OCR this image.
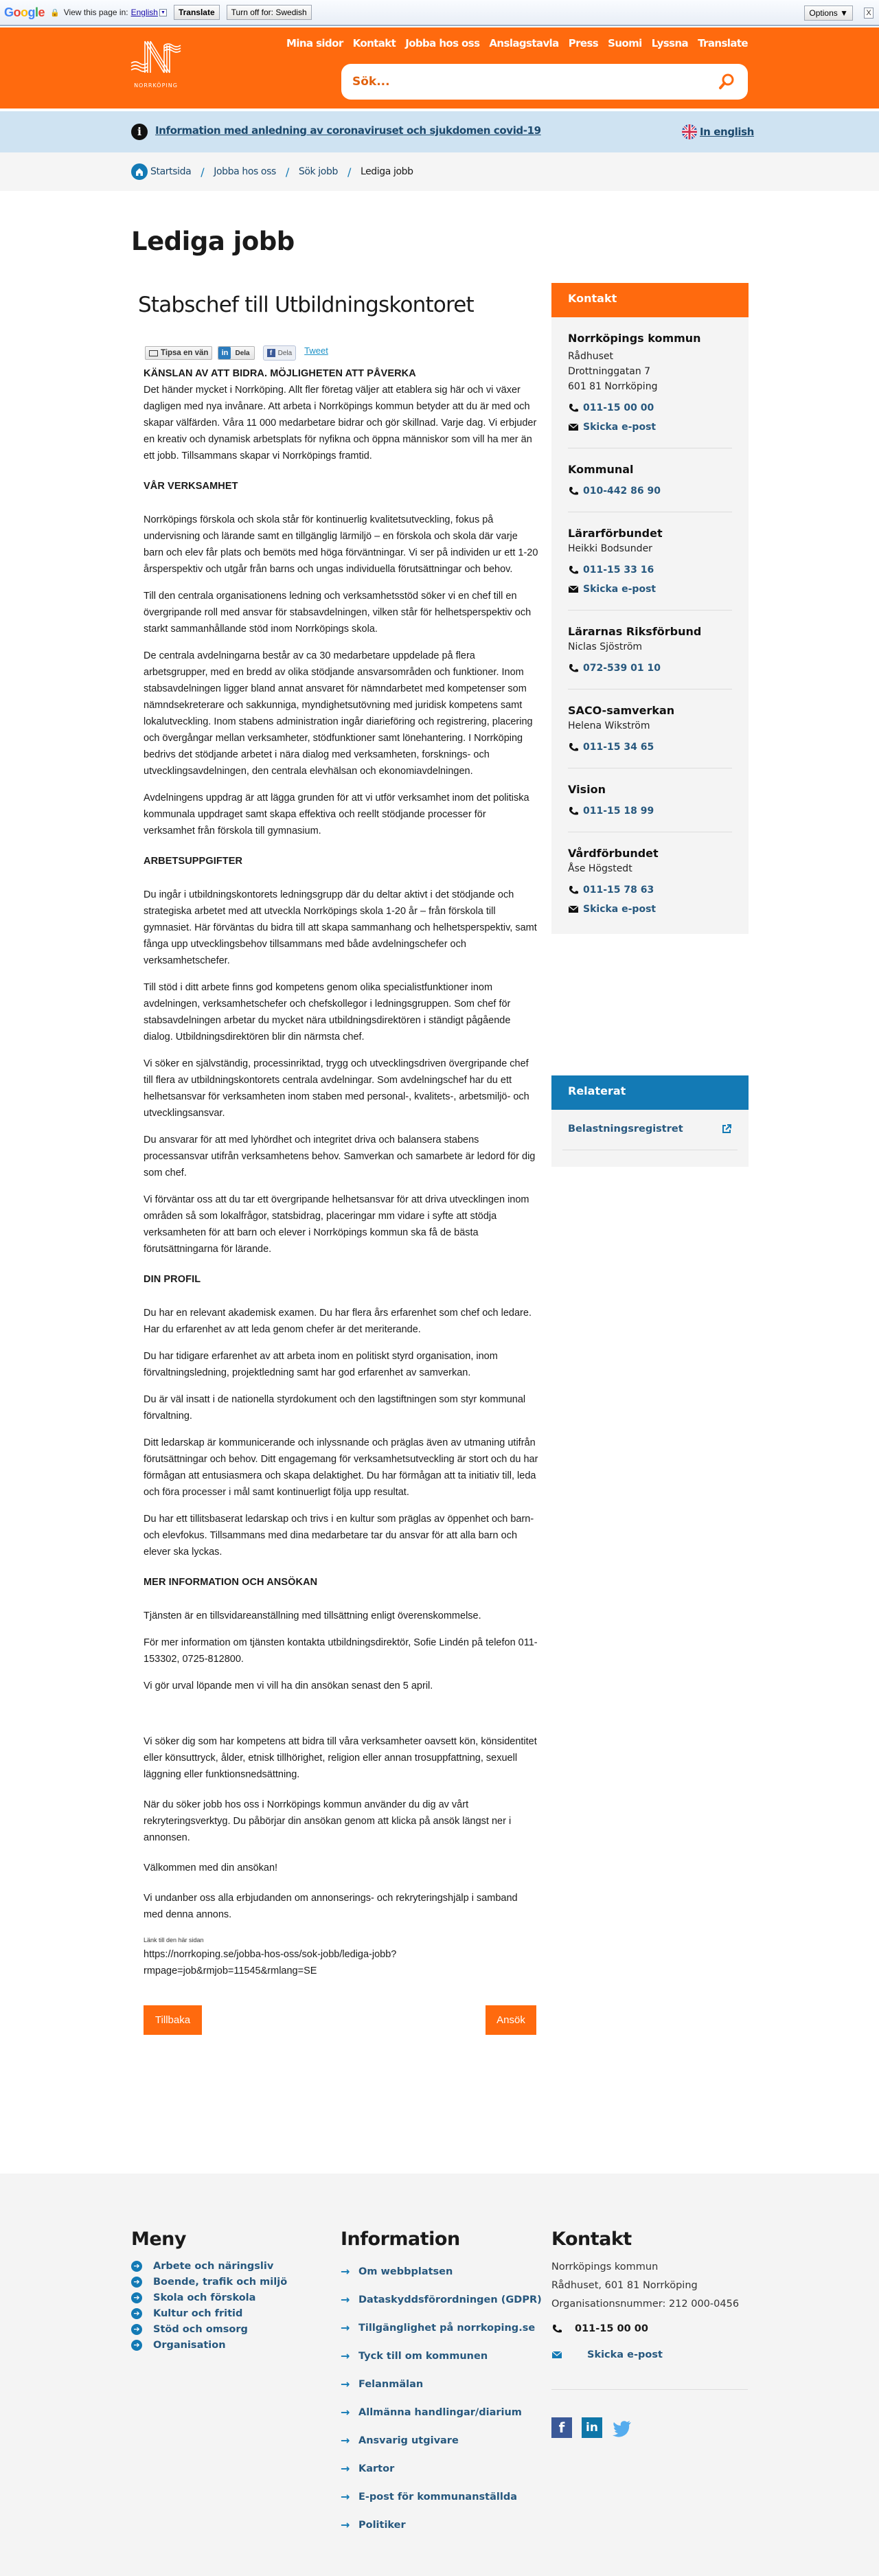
Google 🔒 View this page in: English ▼	Translate	Turn off for: Swedish	Options ▼	X
NORRKÖPING
Mina sidor Kontakt Jobba hos oss Anslagstavla Press Suomi Lyssna Translate
Sök...
i	Information med anledning av coronaviruset och sjukdomen covid-19	In english
Startsida / Jobba hos oss / Sök jobb / Lediga jobb
Lediga jobb
Stabschef till Utbildningskontoret
Tipsa en vän	in	Dela	f Dela Tweet
KÄNSLAN AV ATT BIDRA. MÖJLIGHETEN ATT PÅVERKA

Det händer mycket i Norrköping. Allt fler företag väljer att etablera sig här och vi växer dagligen med nya invånare. Att arbeta i Norrköpings kommun betyder att du är med och skapar välfärden. Våra 11 000 medarbetare bidrar och gör skillnad. Varje dag. Vi erbjuder en kreativ och dynamisk arbetsplats för nyfikna och öppna människor som vill ha mer än ett jobb. Tillsammans skapar vi Norrköpings framtid.

VÅR VERKSAMHET

Norrköpings förskola och skola står för kontinuerlig kvalitetsutveckling, fokus på undervisning och lärande samt en tillgänglig lärmiljö – en förskola och skola där varje barn och elev får plats och bemöts med höga förväntningar. Vi ser på individen ur ett 1-20 årsperspektiv och utgår från barns och ungas individuella förutsättningar och behov.

Till den centrala organisationens ledning och verksamhetsstöd söker vi en chef till en övergripande roll med ansvar för stabsavdelningen, vilken står för helhetsperspektiv och starkt sammanhållande stöd inom Norrköpings skola.

De centrala avdelningarna består av ca 30 medarbetare uppdelade på flera arbetsgrupper, med en bredd av olika stödjande ansvarsområden och funktioner. Inom stabsavdelningen ligger bland annat ansvaret för nämndarbetet med kompetenser som nämndsekreterare och sakkunniga, myndighetsutövning med juridisk kompetens samt lokalutveckling. Inom stabens administration ingår diarieföring och registrering, placering och övergångar mellan verksamheter, stödfunktioner samt lönehantering. I Norrköping bedrivs det stödjande arbetet i nära dialog med verksamheten, forsknings- och utvecklingsavdelningen, den centrala elevhälsan och ekonomiavdelningen.

Avdelningens uppdrag är att lägga grunden för att vi utför verksamhet inom det politiska kommunala uppdraget samt skapa effektiva och reellt stödjande processer för verksamhet från förskola till gymnasium.

ARBETSUPPGIFTER

Du ingår i utbildningskontorets ledningsgrupp där du deltar aktivt i det stödjande och strategiska arbetet med att utveckla Norrköpings skola 1-20 år – från förskola till gymnasiet. Här förväntas du bidra till att skapa sammanhang och helhetsperspektiv, samt fånga upp utvecklingsbehov tillsammans med både avdelningschefer och verksamhetschefer.

Till stöd i ditt arbete finns god kompetens genom olika specialistfunktioner inom avdelningen, verksamhetschefer och chefskollegor i ledningsgruppen. Som chef för stabsavdelningen arbetar du mycket nära utbildningsdirektören i ständigt pågående dialog. Utbildningsdirektören blir din närmsta chef.

Vi söker en självständig, processinriktad, trygg och utvecklingsdriven övergripande chef till flera av utbildningskontorets centrala avdelningar. Som avdelningschef har du ett helhetsansvar för verksamheten inom staben med personal-, kvalitets-, arbetsmiljö- och utvecklingsansvar.

Du ansvarar för att med lyhördhet och integritet driva och balansera stabens processansvar utifrån verksamhetens behov. Samverkan och samarbete är ledord för dig som chef.

Vi förväntar oss att du tar ett övergripande helhetsansvar för att driva utvecklingen inom områden så som lokalfrågor, statsbidrag, placeringar mm vidare i syfte att stödja verksamheten för att barn och elever i Norrköpings kommun ska få de bästa förutsättningarna för lärande.

DIN PROFIL

Du har en relevant akademisk examen. Du har flera års erfarenhet som chef och ledare. Har du erfarenhet av att leda genom chefer är det meriterande.

Du har tidigare erfarenhet av att arbeta inom en politiskt styrd organisation, inom förvaltningsledning, projektledning samt har god erfarenhet av samverkan.

Du är väl insatt i de nationella styrdokument och den lagstiftningen som styr kommunal förvaltning.

Ditt ledarskap är kommunicerande och inlyssnande och präglas även av utmaning utifrån förutsättningar och behov. Ditt engagemang för verksamhetsutveckling är stort och du har förmågan att entusiasmera och skapa delaktighet. Du har förmågan att ta initiativ till, leda och föra processer i mål samt kontinuerligt följa upp resultat.

Du har ett tillitsbaserat ledarskap och trivs i en kultur som präglas av öppenhet och barn- och elevfokus. Tillsammans med dina medarbetare tar du ansvar för att alla barn och elever ska lyckas.

MER INFORMATION OCH ANSÖKAN

Tjänsten är en tillsvidareanställning med tillsättning enligt överenskommelse.

För mer information om tjänsten kontakta utbildningsdirektör, Sofie Lindén på telefon 011-153302, 0725-812800.

Vi gör urval löpande men vi vill ha din ansökan senast den 5 april.

Vi söker dig som har kompetens att bidra till våra verksamheter oavsett kön, könsidentitet eller könsuttryck, ålder, etnisk tillhörighet, religion eller annan trosuppfattning, sexuell läggning eller funktionsnedsättning.

När du söker jobb hos oss i Norrköpings kommun använder du dig av vårt rekryteringsverktyg. Du påbörjar din ansökan genom att klicka på ansök längst ner i annonsen.

Välkommen med din ansökan!

Vi undanber oss alla erbjudanden om annonserings- och rekryteringshjälp i samband med denna annons.

Länk till den här sidan
https://norrkoping.se/jobba-hos-oss/sok-jobb/lediga-jobb?
rmpage=job&rmjob=11545&rmlang=SE
Tillbaka	Ansök
Kontakt
Norrköpings kommun
Rådhuset
Drottninggatan 7
601 81 Norrköping
011-15 00 00
Skicka e-post
Kommunal
010-442 86 90
Lärarförbundet
Heikki Bodsunder
011-15 33 16
Skicka e-post
Lärarnas Riksförbund
Niclas Sjöström
072-539 01 10
SACO-samverkan
Helena Wikström
011-15 34 65
Vision
011-15 18 99
Vårdförbundet
Åse Högstedt
011-15 78 63
Skicka e-post
Relaterat
Belastningsregistret
Meny
➔ Arbete och näringsliv
➔ Boende, trafik och miljö
➔ Skola och förskola
➔ Kultur och fritid
➔ Stöd och omsorg
➔ Organisation
Information
→ Om webbplatsen
→ Dataskyddsförordningen (GDPR)
→ Tillgänglighet på norrkoping.se
→ Tyck till om kommunen
→ Felanmälan
→ Allmänna handlingar/diarium
→ Ansvarig utgivare
→ Kartor
→ E-post för kommunanställda
→ Politiker
Kontakt
Norrköpings kommun
Rådhuset, 601 81 Norrköping
Organisationsnummer: 212 000-0456
011-15 00 00
Skicka e-post
f	in
